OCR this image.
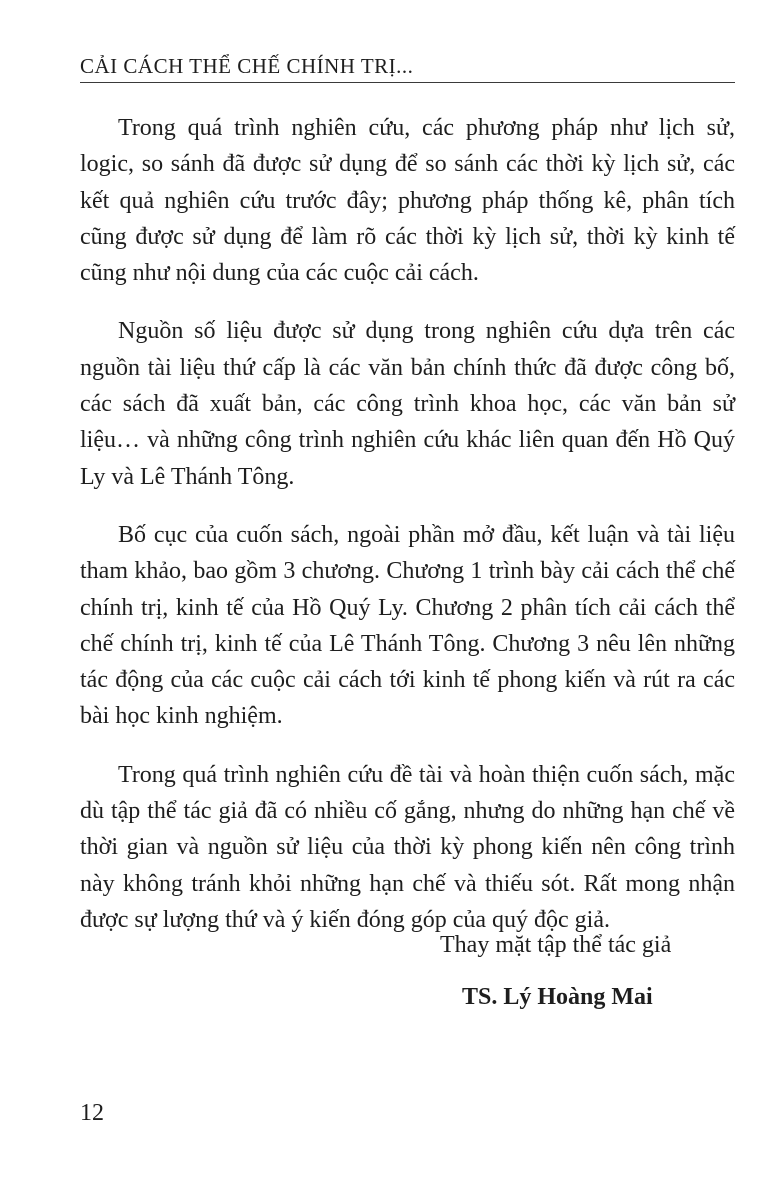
CẢI CÁCH THỂ CHẾ CHÍNH TRỊ...

Trong quá trình nghiên cứu, các phương pháp như lịch sử, logic, so sánh đã được sử dụng để so sánh các thời kỳ lịch sử, các kết quả nghiên cứu trước đây; phương pháp thống kê, phân tích cũng được sử dụng để làm rõ các thời kỳ lịch sử, thời kỳ kinh tế cũng như nội dung của các cuộc cải cách.

Nguồn số liệu được sử dụng trong nghiên cứu dựa trên các nguồn tài liệu thứ cấp là các văn bản chính thức đã được công bố, các sách đã xuất bản, các công trình khoa học, các văn bản sử liệu… và những công trình nghiên cứu khác liên quan đến Hồ Quý Ly và Lê Thánh Tông.

Bố cục của cuốn sách, ngoài phần mở đầu, kết luận và tài liệu tham khảo, bao gồm 3 chương. Chương 1 trình bày cải cách thể chế chính trị, kinh tế của Hồ Quý Ly. Chương 2 phân tích cải cách thể chế chính trị, kinh tế của Lê Thánh Tông. Chương 3 nêu lên những tác động của các cuộc cải cách tới kinh tế phong kiến và rút ra các bài học kinh nghiệm.

Trong quá trình nghiên cứu đề tài và hoàn thiện cuốn sách, mặc dù tập thể tác giả đã có nhiều cố gắng, nhưng do những hạn chế về thời gian và nguồn sử liệu của thời kỳ phong kiến nên công trình này không tránh khỏi những hạn chế và thiếu sót. Rất mong nhận được sự lượng thứ và ý kiến đóng góp của quý độc giả.

Thay mặt tập thể tác giả
TS. Lý Hoàng Mai
12
